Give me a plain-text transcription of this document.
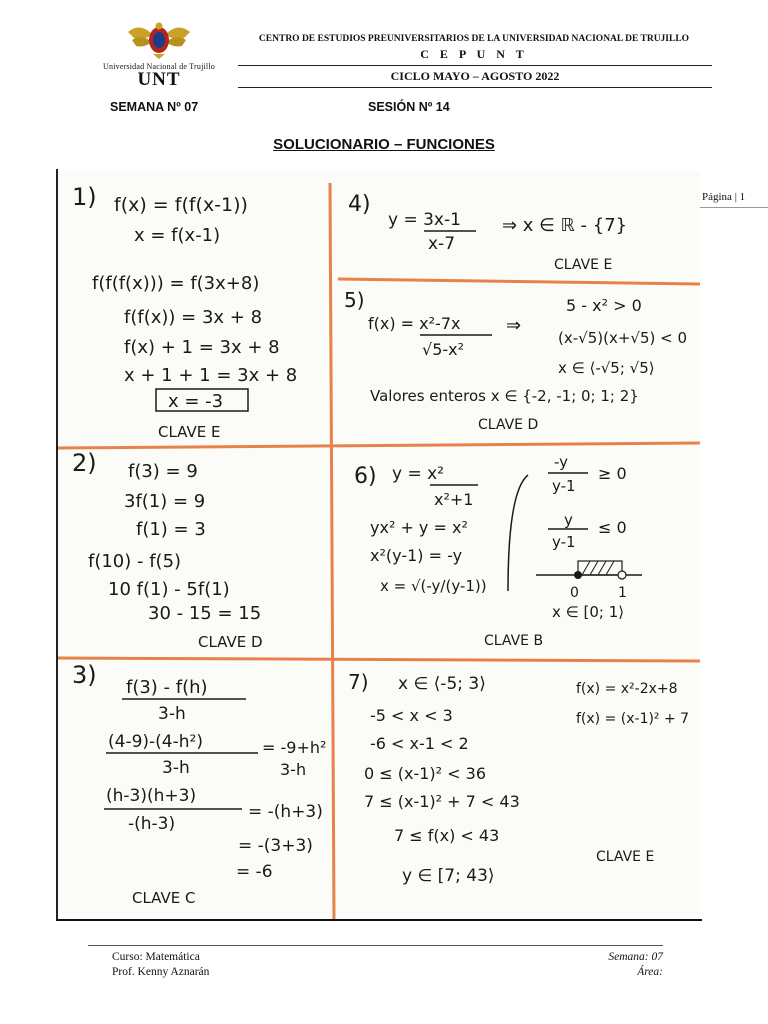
Universidad Nacional de Trujillo
UNT
CENTRO DE ESTUDIOS PREUNIVERSITARIOS DE LA UNIVERSIDAD NACIONAL DE TRUJILLO
C E P U N T
CICLO MAYO – AGOSTO 2022
SEMANA Nº 07	SESIÓN Nº 14
SOLUCIONARIO – FUNCIONES
Página | 1
1) f(x) = f(f(x-1))
x = f(x-1)
f(f(f(x))) = f(3x+8)
f(f(x)) = 3x + 8
f(x) + 1 = 3x + 8
x + 1 + 1 = 3x + 8
x = -3
CLAVE E
2) f(3) = 9
3f(1) = 9
f(1) = 3
f(10) - f(5)
10 f(1) - 5f(1)
30 - 15 = 15
CLAVE D
3) f(3) - f(h)
3-h
(4-9)-(4-h²)
3-h
= -9+h²
3-h
(h-3)(h+3)
-(h-3)
= -(h+3)
= -(3+3)
= -6
CLAVE C
4)
y = 3x-1
x-7
⇒ x ∈ ℝ - {7}
CLAVE E
5)
f(x) = x²-7x
√5-x²
⇒
5 - x² > 0
(x-√5)(x+√5) < 0
x ∈ ⟨-√5; √5⟩
Valores enteros x ∈ {-2, -1; 0; 1; 2}
CLAVE D
6) y = x²
x²+1
yx² + y = x²
x²(y-1) = -y
x = √(-y/(y-1))
-y
y-1
≥ 0
y
y-1
≤ 0
0	1
x ∈ [0; 1⟩
CLAVE B
7) x ∈ ⟨-5; 3⟩
-5 < x < 3
-6 < x-1 < 2
0 ≤ (x-1)² < 36
7 ≤ (x-1)² + 7 < 43
7 ≤ f(x) < 43
y ∈ [7; 43⟩
f(x) = x²-2x+8
f(x) = (x-1)² + 7
CLAVE E
Curso: Matemática
Prof. Kenny Aznarán
Semana: 07
Área:
